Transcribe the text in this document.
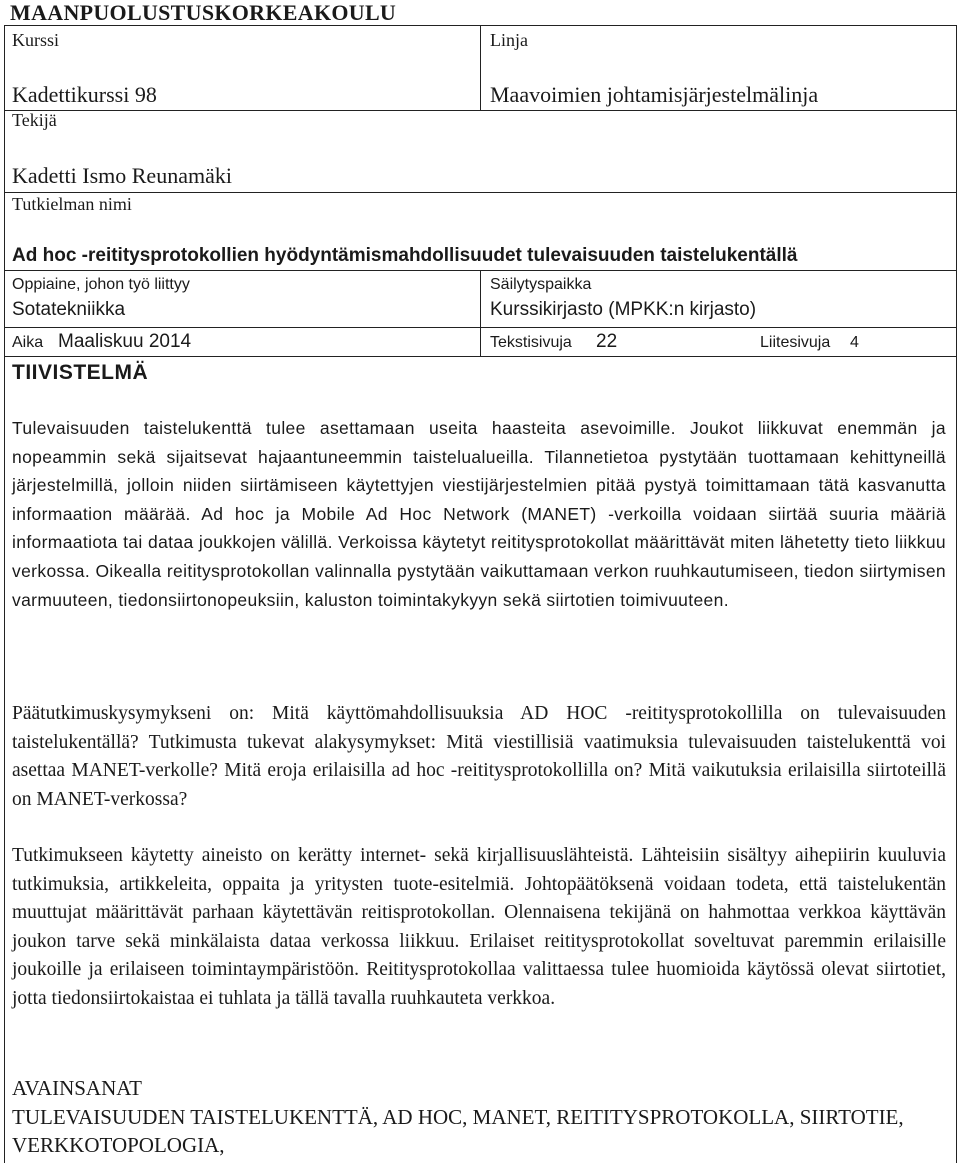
MAANPUOLUSTUSKORKEAKOULU
Kurssi
Kadettikurssi 98
Linja
Maavoimien johtamisjärjestelmälinja
Tekijä
Kadetti Ismo Reunamäki
Tutkielman nimi
Ad hoc -reititysprotokollien hyödyntämismahdollisuudet tulevaisuuden taistelukentällä
Oppiaine, johon työ liittyy
Sotatekniikka
Säilytyspaikka
Kurssikirjasto (MPKK:n kirjasto)
Aika Maaliskuu 2014	Tekstisivuja 22	Liitesivuja 4
TIIVISTELMÄ
Tulevaisuuden taistelukenttä tulee asettamaan useita haasteita asevoimille. Joukot liikkuvat enemmän ja nopeammin sekä sijaitsevat hajaantuneemmin taistelualueilla. Tilannetietoa pystytään tuottamaan kehittyneillä järjestelmillä, jolloin niiden siirtämiseen käytettyjen viestijärjestelmien pitää pystyä toimittamaan tätä kasvanutta informaation määrää. Ad hoc ja Mobile Ad Hoc Network (MANET) -verkoilla voidaan siirtää suuria määriä informaatiota tai dataa joukkojen välillä. Verkoissa käytetyt reititysprotokollat määrittävät miten lähetetty tieto liikkuu verkossa. Oikealla reititysprotokollan valinnalla pystytään vaikuttamaan verkon ruuhkautumiseen, tiedon siirtymisen varmuuteen, tiedonsiirtonopeuksiin, kaluston toimintakykyyn sekä siirtotien toimivuuteen.
Päätutkimuskysymykseni on: Mitä käyttömahdollisuuksia AD HOC -reititysprotokollilla on tulevaisuuden taistelukentällä? Tutkimusta tukevat alakysymykset: Mitä viestillisiä vaatimuksia tulevaisuuden taistelukenttä voi asettaa MANET-verkolle? Mitä eroja erilaisilla ad hoc -reititysprotokollilla on? Mitä vaikutuksia erilaisilla siirtoteillä on MANET-verkossa?
Tutkimukseen käytetty aineisto on kerätty internet- sekä kirjallisuuslähteistä. Lähteisiin sisältyy aihepiirin kuuluvia tutkimuksia, artikkeleita, oppaita ja yritysten tuote-esitelmiä. Johtopäätöksenä voidaan todeta, että taistelukentän muuttujat määrittävät parhaan käytettävän reitisprotokollan. Olennaisena tekijänä on hahmottaa verkkoa käyttävän joukon tarve sekä minkälaista dataa verkossa liikkuu. Erilaiset reititysprotokollat soveltuvat paremmin erilaisille joukoille ja erilaiseen toimintaympäristöön. Reititysprotokollaa valittaessa tulee huomioida käytössä olevat siirtotiet, jotta tiedonsiirtokaistaa ei tuhlata ja tällä tavalla ruuhkauteta verkkoa.
AVAINSANAT
TULEVAISUUDEN TAISTELUKENTTÄ, AD HOC, MANET, REITITYSPROTOKOLLA, SIIRTOTIE, VERKKOTOPOLOGIA,
